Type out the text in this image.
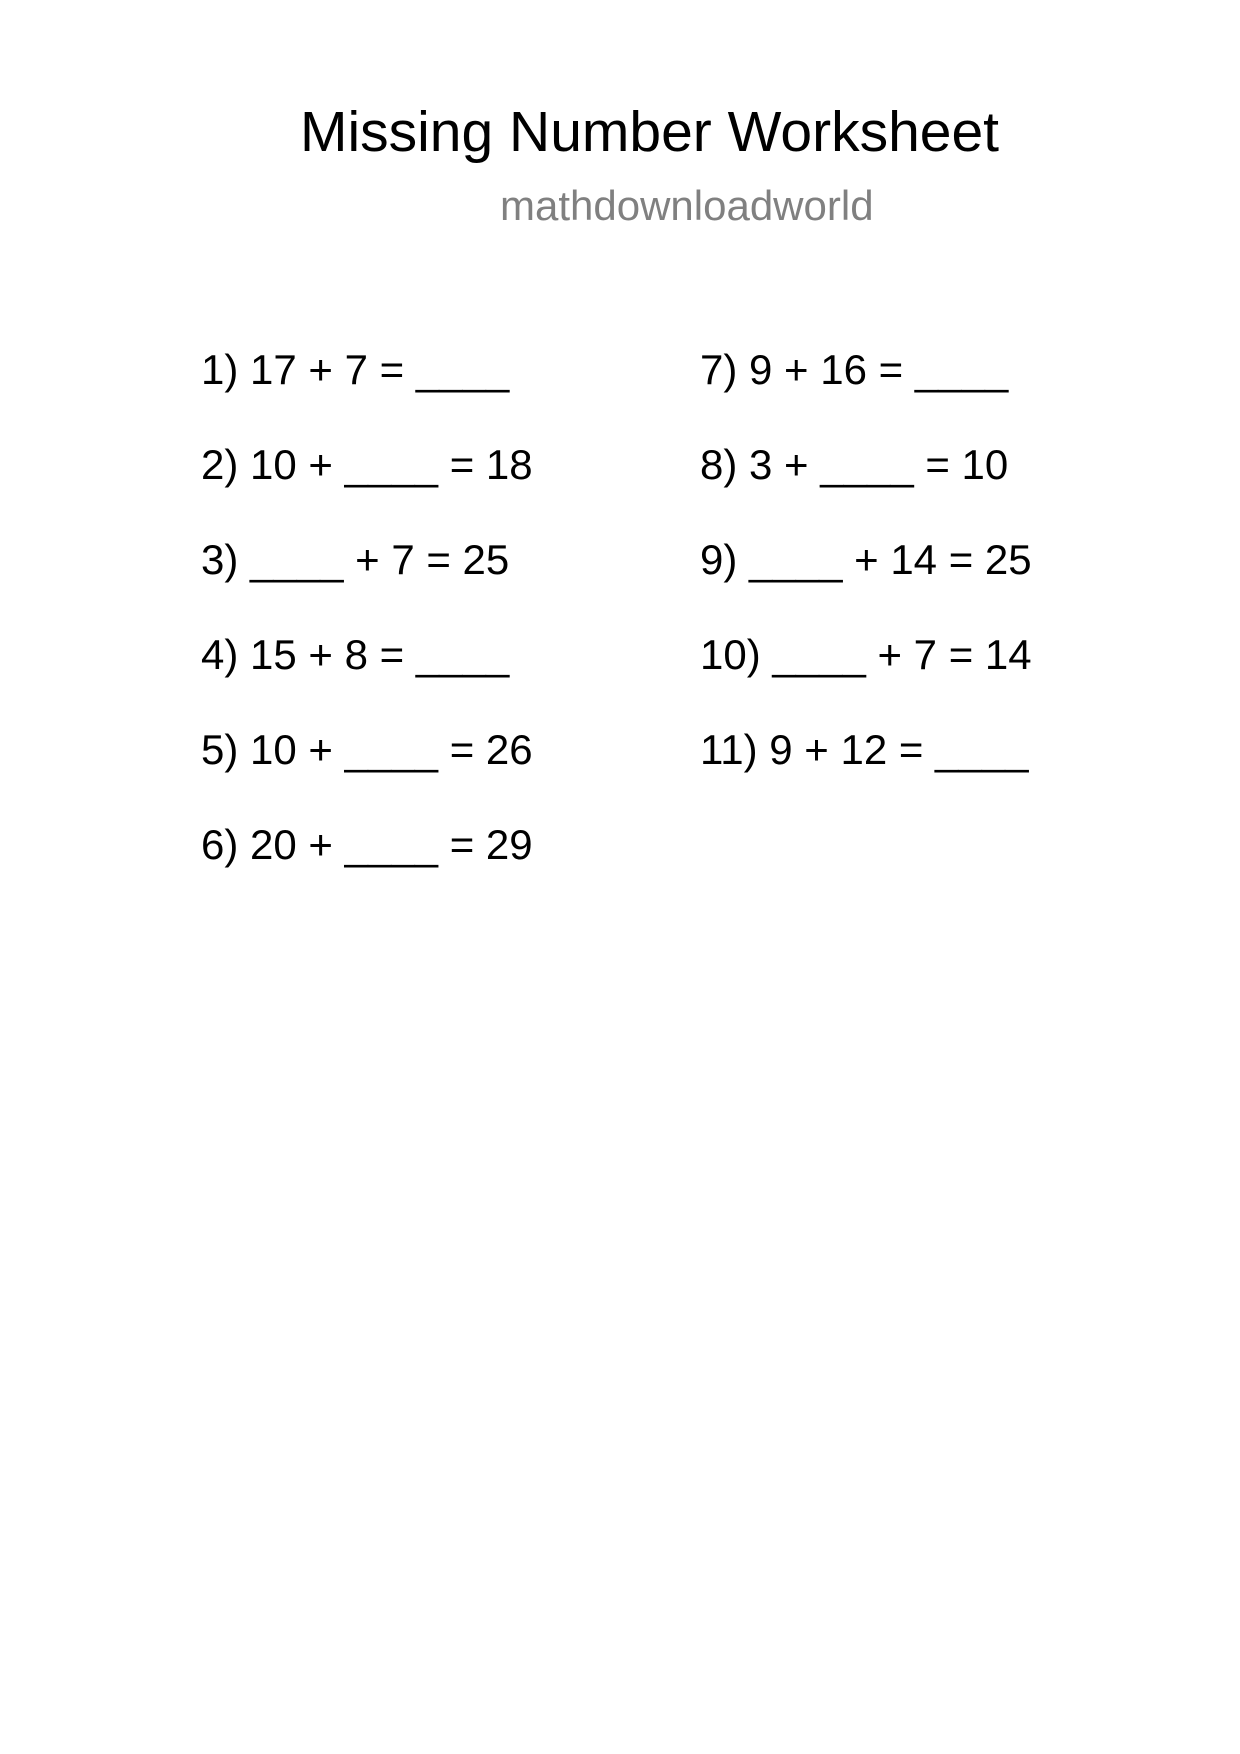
Missing Number Worksheet

mathdownloadworld

1) 17 + 7 = ____
2) 10 + ____ = 18
3) ____ + 7 = 25
4) 15 + 8 = ____
5) 10 + ____ = 26
6) 20 + ____ = 29
7) 9 + 16 = ____
8) 3 + ____ = 10
9) ____ + 14 = 25
10) ____ + 7 = 14
11) 9 + 12 = ____
